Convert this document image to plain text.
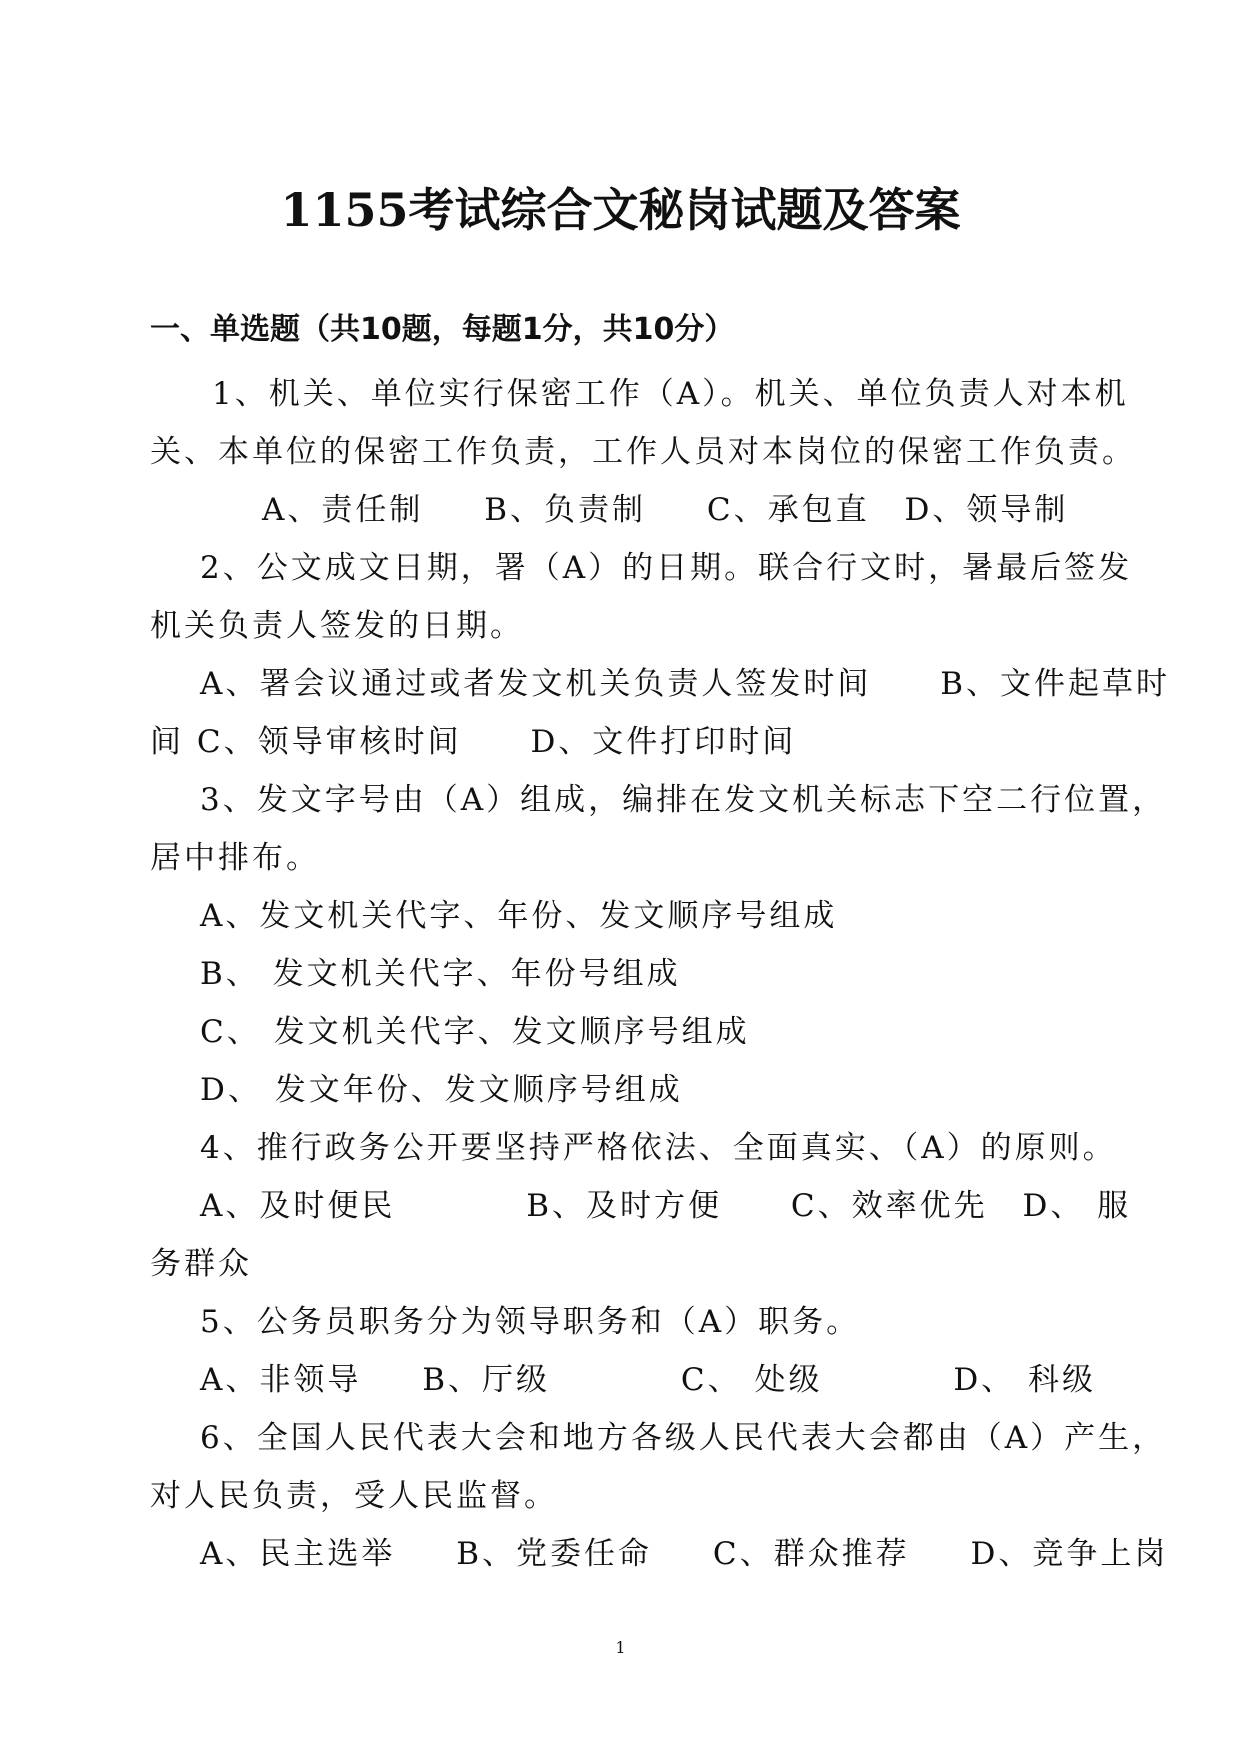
1155考试综合文秘岗试题及答案
一、单选题（共10题，每题1分，共10分）
1、机关、单位实行保密工作（A）。机关、单位负责人对本机
关、本单位的保密工作负责，工作人员对本岗位的保密工作负责。
A、责任制 B、负责制 C、承包直 D、领导制
2、公文成文日期，署（A）的日期。联合行文时，暑最后签发
机关负责人签发的日期。
A、署会议通过或者发文机关负责人签发时间 B、文件起草时
间 C、领导审核时间 D、文件打印时间
3、发文字号由（A）组成，编排在发文机关标志下空二行位置，
居中排布。
A、发文机关代字、年份、发文顺序号组成
B、 发文机关代字、年份号组成
C、 发文机关代字、发文顺序号组成
D、 发文年份、发文顺序号组成
4、推行政务公开要坚持严格依法、全面真实、（A）的原则。
A、及时便民	B、及时方便 C、效率优先 D、 服
务群众
5、公务员职务分为领导职务和（A）职务。
A、非领导 B、厅级	C、 处级	D、 科级
6、全国人民代表大会和地方各级人民代表大会都由（A）产生，
对人民负责，受人民监督。
A、民主选举 B、党委任命 C、群众推荐 D、竞争上岗
1
